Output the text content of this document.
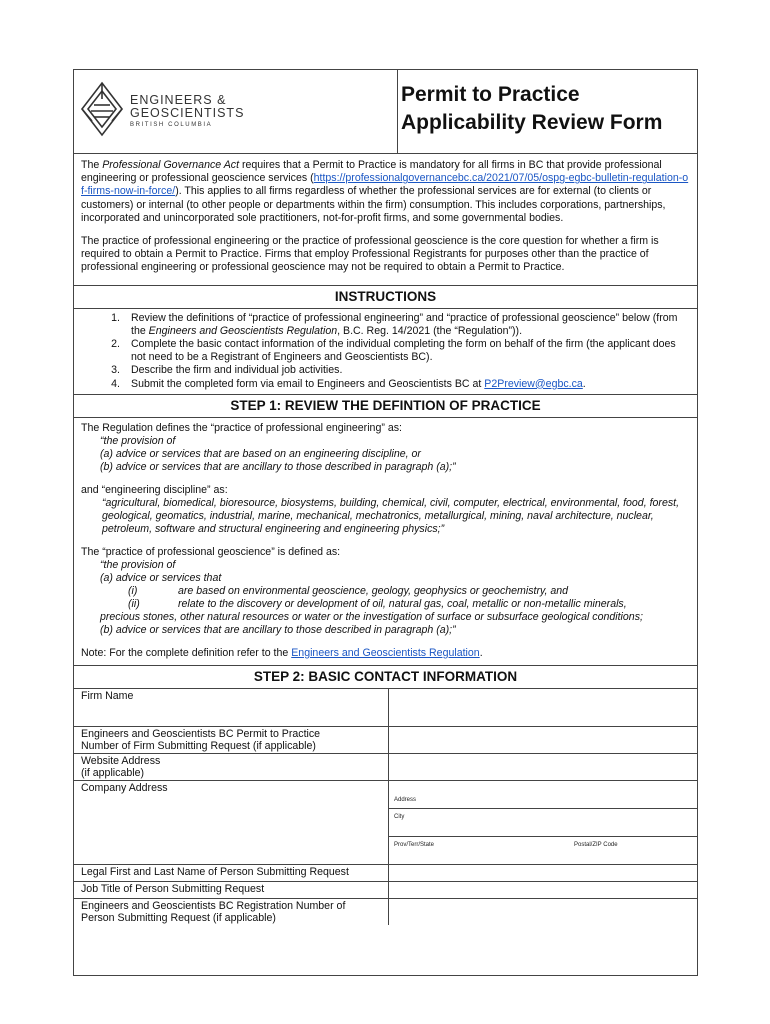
ENGINEERS &
GEOSCIENTISTS
BRITISH COLUMBIA
Permit to Practice
Applicability Review Form

The Professional Governance Act requires that a Permit to Practice is mandatory for all firms in BC that provide professional engineering or professional geoscience services (https://professionalgovernancebc.ca/2021/07/05/ospg-egbc-bulletin-regulation-of-firms-now-in-force/). This applies to all firms regardless of whether the professional services are for external (to clients or customers) or internal (to other people or departments within the firm) consumption. This includes corporations, partnerships, incorporated and unincorporated sole practitioners, not-for-profit firms, and some governmental bodies.

The practice of professional engineering or the practice of professional geoscience is the core question for whether a firm is required to obtain a Permit to Practice. Firms that employ Professional Registrants for purposes other than the practice of professional engineering or professional geoscience may not be required to obtain a Permit to Practice.

INSTRUCTIONS
1.	Review the definitions of “practice of professional engineering” and “practice of professional geoscience” below (from the Engineers and Geoscientists Regulation, B.C. Reg. 14/2021 (the “Regulation”)).
2.	Complete the basic contact information of the individual completing the form on behalf of the firm (the applicant does not need to be a Registrant of Engineers and Geoscientists BC).
3.	Describe the firm and individual job activities.
4.	Submit the completed form via email to Engineers and Geoscientists BC at P2Preview@egbc.ca.
STEP 1: REVIEW THE DEFINTION OF PRACTICE
The Regulation defines the “practice of professional engineering” as:
“the provision of
(a) advice or services that are based on an engineering discipline, or
(b) advice or services that are ancillary to those described in paragraph (a);”
and “engineering discipline” as:
“agricultural, biomedical, bioresource, biosystems, building, chemical, civil, computer, electrical, environmental, food, forest, geological, geomatics, industrial, marine, mechanical, mechatronics, metallurgical, mining, naval architecture, nuclear, petroleum, software and structural engineering and engineering physics;”
The “practice of professional geoscience” is defined as:
“the provision of
(a) advice or services that
(i)	are based on environmental geoscience, geology, geophysics or geochemistry, and
(ii)	relate to the discovery or development of oil, natural gas, coal, metallic or non-metallic minerals,
precious stones, other natural resources or water or the investigation of surface or subsurface geological conditions;
(b) advice or services that are ancillary to those described in paragraph (a);”
Note: For the complete definition refer to the Engineers and Geoscientists Regulation.
STEP 2: BASIC CONTACT INFORMATION
Firm Name	
Engineers and Geoscientists BC Permit to Practice
Number of Firm Submitting Request (if applicable)	
Website Address
(if applicable)	
Company Address	Address
City
Prov/Terr/State Postal/ZIP Code

Legal First and Last Name of Person Submitting Request	
Job Title of Person Submitting Request	
Engineers and Geoscientists BC Registration Number of
Person Submitting Request (if applicable)	
